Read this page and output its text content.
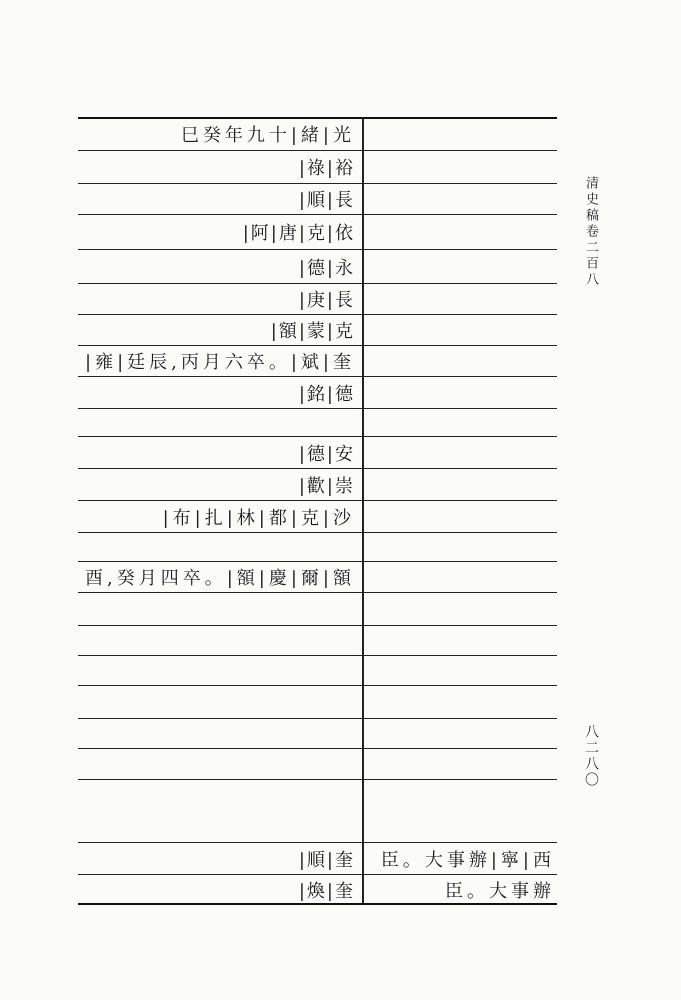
清史稿卷二百八
八二八〇
巳癸年九十|緒|光
|祿|裕
|順|長
|阿|唐|克|依
|德|永
|庚|長
|額|蒙|克
|雍|廷辰,丙月六卒。|斌|奎
|銘|德
|德|安
|歡|崇
|布|扎|林|都|克|沙
酉,癸月四卒。|額|慶|爾|額
|順|奎 臣。大事辦|寧|西
|煥|奎	臣。大事辦
